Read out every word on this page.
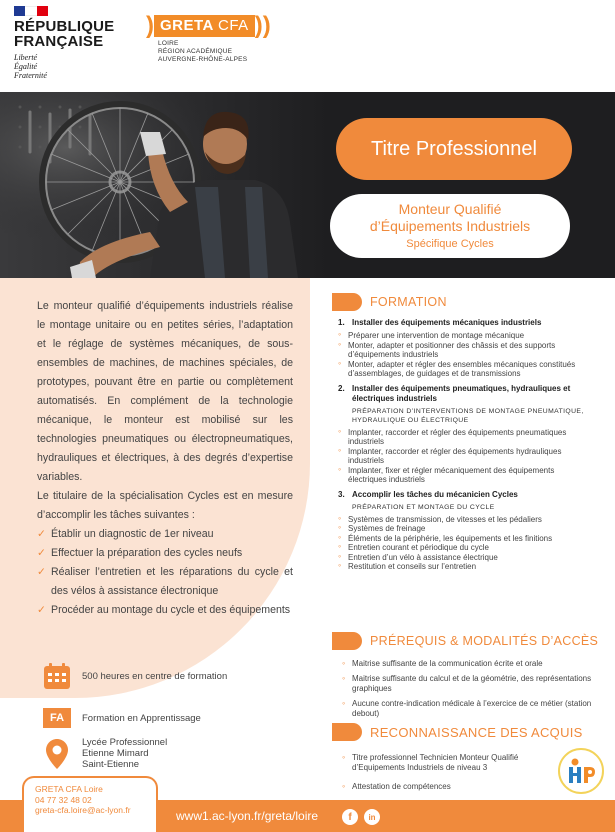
RÉPUBLIQUE
FRANÇAISE
Liberté
Égalité
Fraternité
) GRETA CFA ))
LOIRE
RÉGION ACADÉMIQUE
AUVERGNE-RHÔNE-ALPES
Titre Professionnel
Monteur Qualifié
d’Équipements Industriels
Spécifique Cycles

Le monteur qualifié d’équipements industriels réalise le montage unitaire ou en petites séries, l’adaptation et le réglage de systèmes mécaniques, de sous-ensembles de machines, de machines spéciales, de prototypes, pouvant être en partie ou complètement automatisés. En complément de la technologie mécanique, le monteur est mobilisé sur les technologies pneumatiques ou électropneumatiques, hydrauliques et électriques, à des degrés d’expertise variables.

Le titulaire de la spécialisation Cycles est en mesure d’accomplir les tâches suivantes :

✓ Établir un diagnostic de 1er niveau
✓ Effectuer la préparation des cycles neufs
✓ Réaliser l’entretien et les réparations du cycle et des vélos à assistance électronique
✓ Procéder au montage du cycle et des équipements
500 heures en centre de formation
FA	Formation en Apprentissage
Lycée Professionnel
Etienne Mimard
Saint-Etienne
FORMATION
1. Installer des équipements mécaniques industriels
◦ Préparer une intervention de montage mécanique
◦ Monter, adapter et positionner des châssis et des supports d’équipements industriels
◦ Monter, adapter et régler des ensembles mécaniques constitués d’assemblages, de guidages et de transmissions
2. Installer des équipements pneumatiques, hydrauliques et électriques industriels
PRÉPARATION D’INTERVENTIONS DE MONTAGE PNEUMATIQUE, HYDRAULIQUE OU ÉLECTRIQUE
◦ Implanter, raccorder et régler des équipements pneumatiques industriels
◦ Implanter, raccorder et régler des équipements hydrauliques industriels
◦ Implanter, fixer et régler mécaniquement des équipements électriques industriels
3. Accomplir les tâches du mécanicien Cycles
PRÉPARATION ET MONTAGE DU CYCLE
◦ Systèmes de transmission, de vitesses et les pédaliers
◦ Systèmes de freinage
◦ Éléments de la périphérie, les équipements et les finitions
◦ Entretien courant et périodique du cycle
◦ Entretien d’un vélo à assistance électrique
◦ Restitution et conseils sur l’entretien
PRÉREQUIS & MODALITÉS D’ACCÈS
◦ Maitrise suffisante de la communication écrite et orale
◦ Maitrise suffisante du calcul et de la géométrie, des représentations graphiques
◦ Aucune contre-indication médicale à l’exercice de ce métier (station debout)
RECONNAISSANCE DES ACQUIS
◦ Titre professionnel Technicien Monteur Qualifié d’Equipements Industriels de niveau 3
◦ Attestation de compétences
GRETA CFA Loire
04 77 32 48 02
greta-cfa.loire@ac-lyon.fr	www1.ac-lyon.fr/greta/loire	f	in
